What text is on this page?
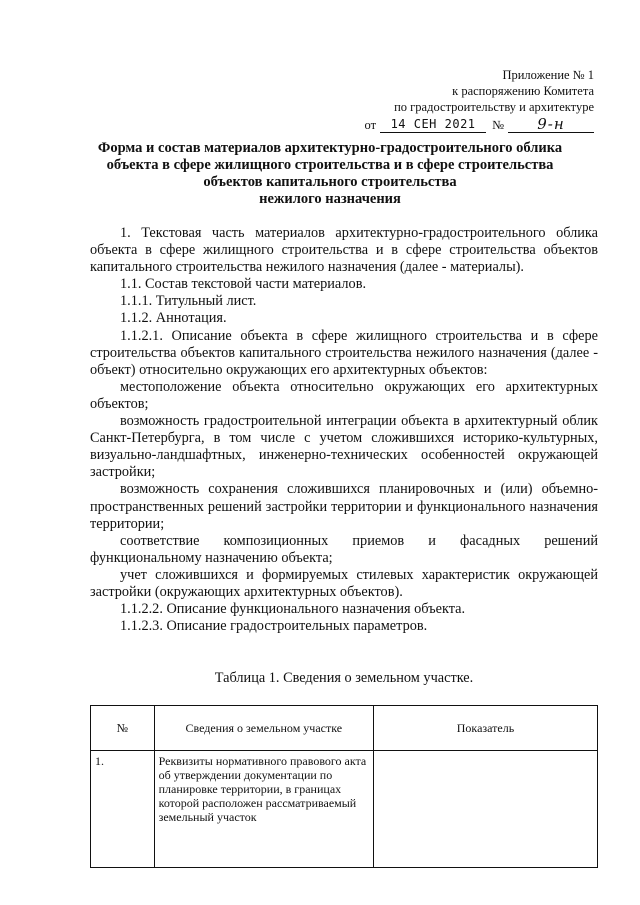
Приложение № 1
к распоряжению Комитета
по градостроительству и архитектуре
от	14 СЕН 2021	№	9-н
Форма и состав материалов архитектурно-градостроительного облика
объекта в сфере жилищного строительства и в сфере строительства
объектов капитального строительства
нежилого назначения

1. Текстовая часть материалов архитектурно-градостроительного облика объекта в сфере жилищного строительства и в сфере строительства объектов капитального строительства нежилого назначения (далее - материалы).

1.1. Состав текстовой части материалов.

1.1.1. Титульный лист.

1.1.2. Аннотация.

1.1.2.1. Описание объекта в сфере жилищного строительства и в сфере строительства объектов капитального строительства нежилого назначения (далее - объект) относительно окружающих его архитектурных объектов:

местоположение объекта относительно окружающих его архитектурных объектов;

возможность градостроительной интеграции объекта в архитектурный облик Санкт-Петербурга, в том числе с учетом сложившихся историко-культурных, визуально-ландшафтных, инженерно-технических особенностей окружающей застройки;

возможность сохранения сложившихся планировочных и (или) объемно-пространственных решений застройки территории и функционального назначения территории;

соответствие композиционных приемов и фасадных решений функциональному назначению объекта;

учет сложившихся и формируемых стилевых характеристик окружающей застройки (окружающих архитектурных объектов).

1.1.2.2. Описание функционального назначения объекта.

1.1.2.3. Описание градостроительных параметров.

Таблица 1. Сведения о земельном участке.
№	Сведения о земельном участке	Показатель
1.	Реквизиты нормативного правового акта об утверждении документации по планировке территории, в границах которой расположен рассматриваемый земельный участок	
